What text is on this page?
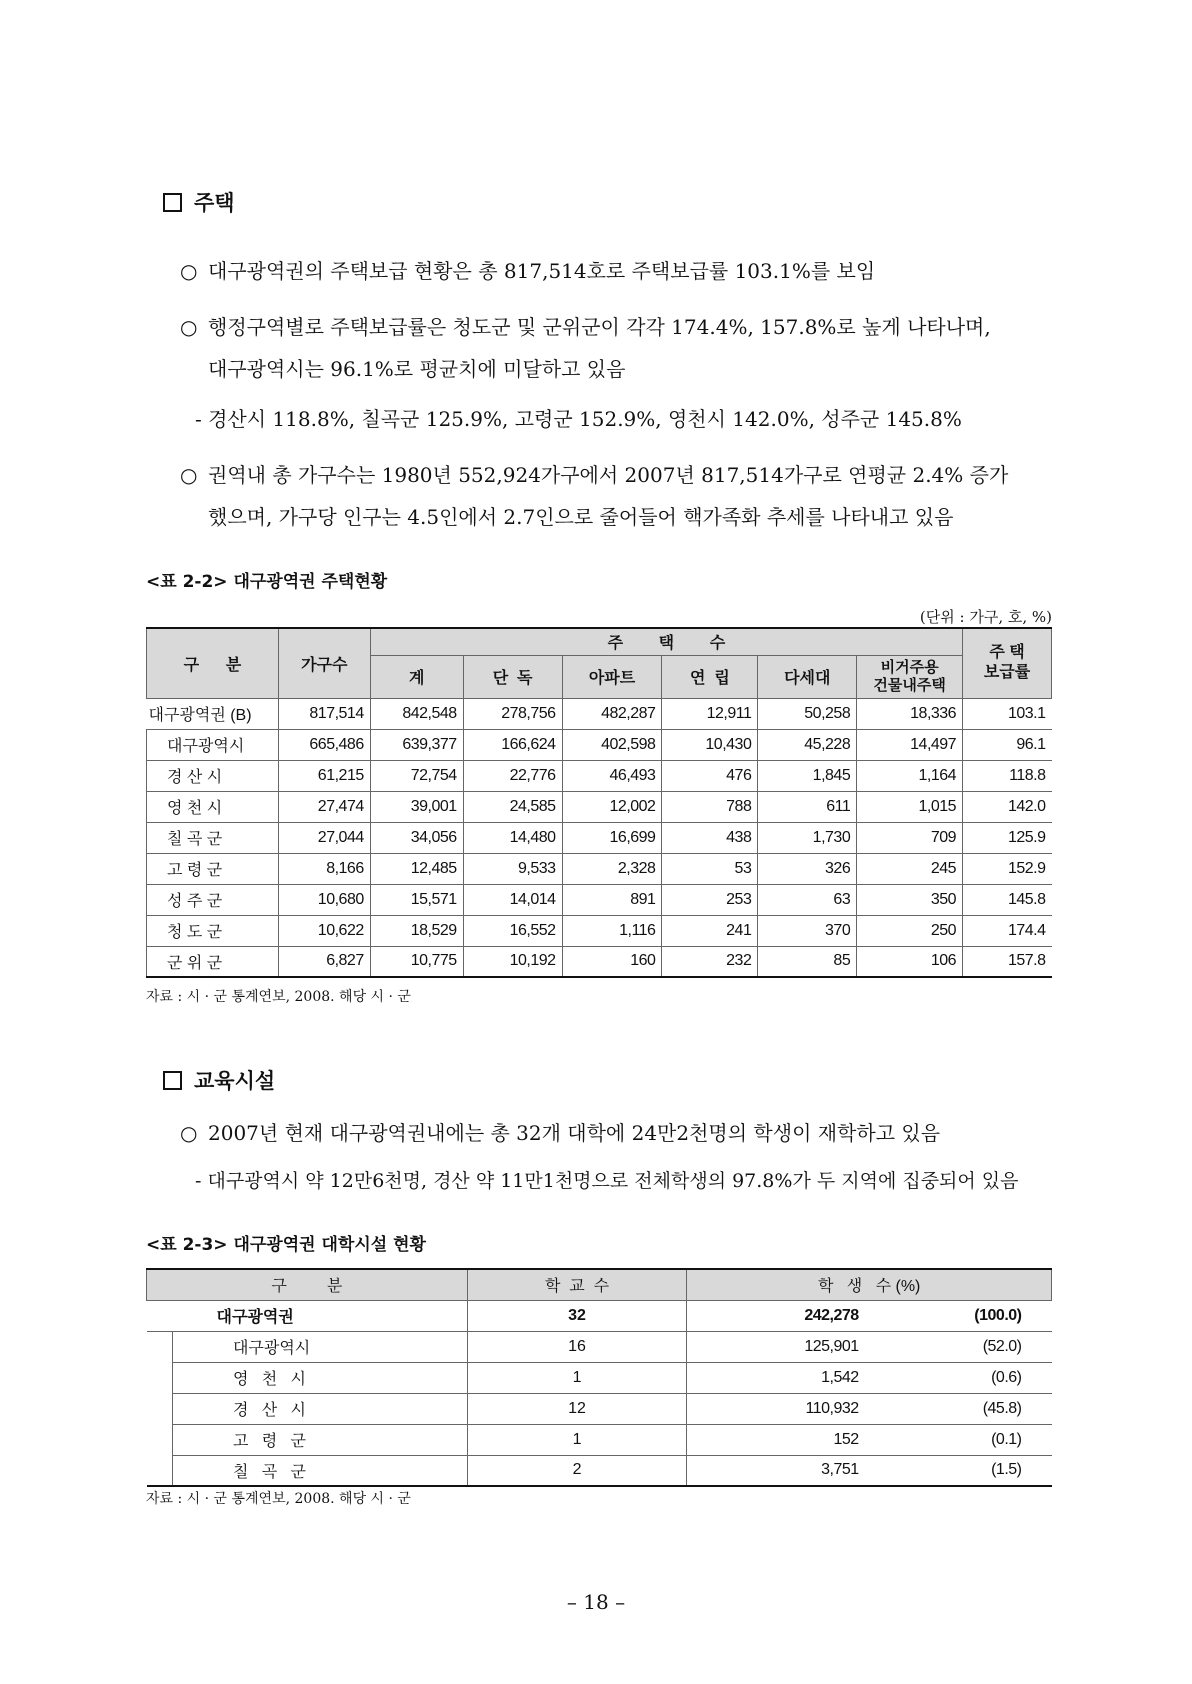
주택
○ 대구광역권의 주택보급 현황은 총 817,514호로 주택보급률 103.1%를 보임
○ 행정구역별로 주택보급률은 청도군 및 군위군이 각각 174.4%, 157.8%로 높게 나타나며,
대구광역시는 96.1%로 평균치에 미달하고 있음
- 경산시 118.8%, 칠곡군 125.9%, 고령군 152.9%, 영천시 142.0%, 성주군 145.8%
○ 권역내 총 가구수는 1980년 552,924가구에서 2007년 817,514가구로 연평균 2.4% 증가
했으며, 가구당 인구는 4.5인에서 2.7인으로 줄어들어 핵가족화 추세를 나타내고 있음
<표 2-2> 대구광역권 주택현황
(단위 : 가구, 호, %)
구      분	가구수	주        택        수						주 택
보급률
		계	단  독	아파트	연  립	다세대	비거주용
건물내주택	
대구광역권 (B)	817,514	842,548	278,756	482,287	12,911	50,258	18,336	103.1
대구광역시	665,486	639,377	166,624	402,598	10,430	45,228	14,497	96.1
경 산 시	61,215	72,754	22,776	46,493	476	1,845	1,164	118.8
영 천 시	27,474	39,001	24,585	12,002	788	611	1,015	142.0
칠 곡 군	27,044	34,056	14,480	16,699	438	1,730	709	125.9
고 령 군	8,166	12,485	9,533	2,328	53	326	245	152.9
성 주 군	10,680	15,571	14,014	891	253	63	350	145.8
청 도 군	10,622	18,529	16,552	1,116	241	370	250	174.4
군 위 군	6,827	10,775	10,192	160	232	85	106	157.8
자료 : 시 · 군 통계연보, 2008. 해당 시 · 군
교육시설
○ 2007년 현재 대구광역권내에는 총 32개 대학에 24만2천명의 학생이 재학하고 있음
- 대구광역시 약 12만6천명, 경산 약 11만1천명으로 전체학생의 97.8%가 두 지역에 집중되어 있음
<표 2-3> 대구광역권 대학시설 현황
구         분		학  교  수	학   생   수 (%)	
대구광역권		32	242,278	(100.0)
	대구광역시	16	125,901	(52.0)
	영   천   시	1	1,542	(0.6)
	경   산   시	12	110,932	(45.8)
	고   령   군	1	152	(0.1)
	칠   곡   군	2	3,751	(1.5)
자료 : 시 · 군 통계연보, 2008. 해당 시 · 군
– 18 –
